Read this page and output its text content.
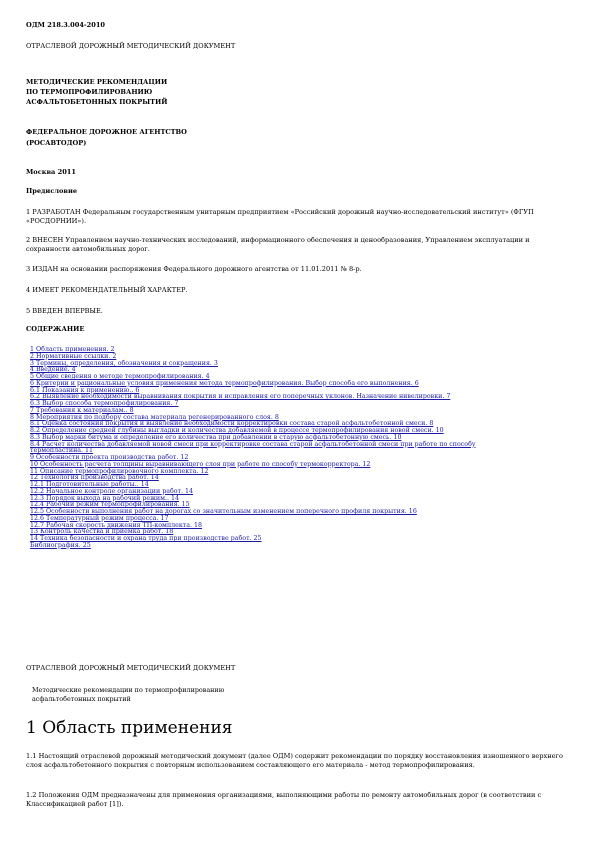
ОДМ 218.3.004-2010
ОТРАСЛЕВОЙ ДОРОЖНЫЙ МЕТОДИЧЕСКИЙ ДОКУМЕНТ
МЕТОДИЧЕСКИЕ РЕКОМЕНДАЦИИ
ПО ТЕРМОПРОФИЛИРОВАНИЮ
АСФАЛЬТОБЕТОННЫХ ПОКРЫТИЙ
ФЕДЕРАЛЬНОЕ ДОРОЖНОЕ АГЕНТСТВО
(РОСАВТОДОР)
Москва 2011
Предисловие
1 РАЗРАБОТАН Федеральным государственным унитарным предприятием «Российский дорожный научно-исследовательский институт» (ФГУП «РОСДОРНИИ»).
2 ВНЕСЕН Управлением научно-технических исследований, информационного обеспечения и ценообразования, Управлением эксплуатации и сохранности автомобильных дорог.
3 ИЗДАН на основании распоряжения Федерального дорожного агентства от 11.01.2011 № 8-р.
4 ИМЕЕТ РЕКОМЕНДАТЕЛЬНЫЙ ХАРАКТЕР.
5 ВВЕДЕН ВПЕРВЫЕ.
СОДЕРЖАНИЕ
1 Область применения. 2
2 Нормативные ссылки. 2
3 Термины, определения, обозначения и сокращения. 3
4 Введение. 4
5 Общие сведения о методе термопрофилирования. 4
6 Критерии и рациональные условия применения метода термопрофилирования. Выбор способа его выполнения. 6
6.1 Показания к применению.. 6
6.2 Выявление необходимости выравнивания покрытия и исправления его поперечных уклонов. Назначение нивелировки. 7
6.3 Выбор способа термопрофилирования. 7
7 Требования к материалам.. 8
8 Мероприятия по подбору состава материала регенерированного слоя. 8
8.1 Оценка состояния покрытия и выявление необходимости корректировки состава старой асфальтобетонной смеси. 8
8.2 Определение средней глубины выгладки и количества добавляемой в процессе термопрофилирования новой смеси. 10
8.3 Выбор марки битума и определение его количества при добавлении в старую асфальтобетонную смесь. 10
8.4 Расчет количества добавляемой новой смеси при корректировке состава старой асфальтобетонной смеси при работе по способу термопластина. 11
9 Особенности проекта производства работ. 12
10 Особенность расчета толщины выравнивающего слоя при работе по способу термокорректора. 12
11 Описание термопрофилировочного комплекта. 12
12 Технология производства работ. 14
12.1 Подготовительные работы.. 14
12.2 Начальное контроле организации работ. 14
12.3 Порядок выхода на рабочий режим.. 14
12.4 Рабочий режим термопрофилирования. 15
12.5 Особенности выполнения работ на дорогах со значительным изменением поперечного профиля покрытия. 16
12.6 Температурный режим процесса. 17
12.7 Рабочая скорость движения ТП-комплекта. 18
13 Контроль качества и приемка работ. 18
14 Техника безопасности и охрана труда при производстве работ. 25
Библиография. 25
ОТРАСЛЕВОЙ ДОРОЖНЫЙ МЕТОДИЧЕСКИЙ ДОКУМЕНТ
Методические рекомендации по термопрофилированию
асфальтобетонных покрытий
1 Область применения
1.1 Настоящий отраслевой дорожный методический документ (далее ОДМ) содержит рекомендации по порядку восстановления изношенного верхнего слоя асфальтобетонного покрытия с повторным использованием составляющего его материала - метод термопрофилирования.
1.2 Положения ОДМ предназначены для применения организациями, выполняющими работы по ремонту автомобильных дорог (в соответствии с Классификацией работ [1]).
